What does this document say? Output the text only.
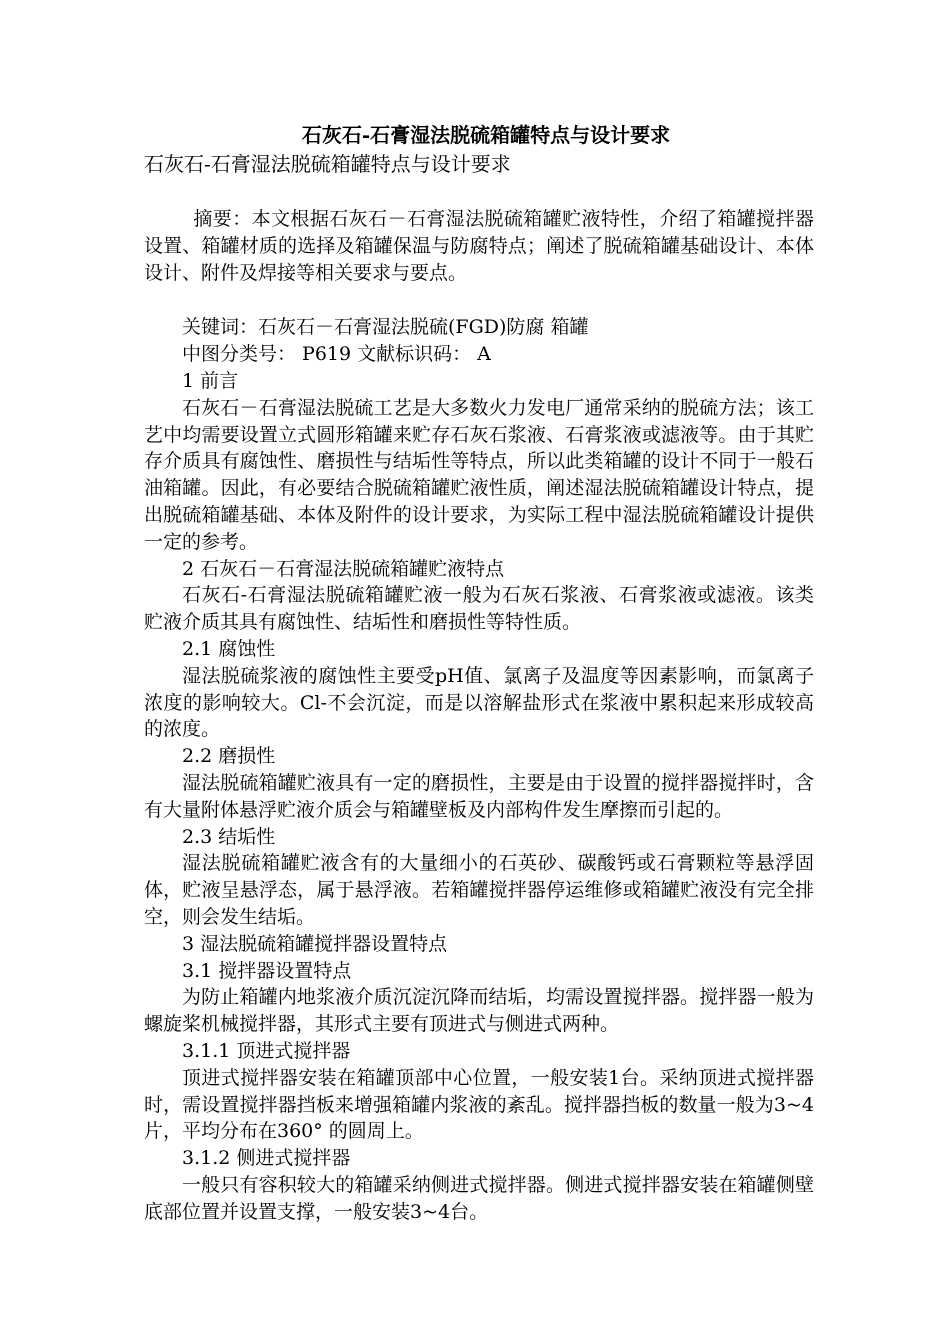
石灰石-石膏湿法脱硫箱罐特点与设计要求

石灰石-石膏湿法脱硫箱罐特点与设计要求

摘要：本文根据石灰石－石膏湿法脱硫箱罐贮液特性，介绍了箱罐搅拌器设置、箱罐材质的选择及箱罐保温与防腐特点；阐述了脱硫箱罐基础设计、本体设计、附件及焊接等相关要求与要点。

关键词：石灰石－石膏湿法脱硫(FGD)防腐 箱罐

中图分类号： P619 文献标识码： A

1 前言

石灰石－石膏湿法脱硫工艺是大多数火力发电厂通常采纳的脱硫方法；该工艺中均需要设置立式圆形箱罐来贮存石灰石浆液、石膏浆液或滤液等。由于其贮存介质具有腐蚀性、磨损性与结垢性等特点，所以此类箱罐的设计不同于一般石油箱罐。因此，有必要结合脱硫箱罐贮液性质，阐述湿法脱硫箱罐设计特点，提出脱硫箱罐基础、本体及附件的设计要求，为实际工程中湿法脱硫箱罐设计提供一定的参考。

2 石灰石－石膏湿法脱硫箱罐贮液特点

石灰石-石膏湿法脱硫箱罐贮液一般为石灰石浆液、石膏浆液或滤液。该类贮液介质其具有腐蚀性、结垢性和磨损性等特性质。

2.1 腐蚀性

湿法脱硫浆液的腐蚀性主要受pH值、氯离子及温度等因素影响，而氯离子浓度的影响较大。Cl-不会沉淀，而是以溶解盐形式在浆液中累积起来形成较高的浓度。

2.2 磨损性

湿法脱硫箱罐贮液具有一定的磨损性，主要是由于设置的搅拌器搅拌时，含有大量附体悬浮贮液介质会与箱罐壁板及内部构件发生摩擦而引起的。

2.3 结垢性

湿法脱硫箱罐贮液含有的大量细小的石英砂、碳酸钙或石膏颗粒等悬浮固体，贮液呈悬浮态，属于悬浮液。若箱罐搅拌器停运维修或箱罐贮液没有完全排空，则会发生结垢。

3 湿法脱硫箱罐搅拌器设置特点

3.1 搅拌器设置特点

为防止箱罐内地浆液介质沉淀沉降而结垢，均需设置搅拌器。搅拌器一般为螺旋桨机械搅拌器，其形式主要有顶进式与侧进式两种。

3.1.1 顶进式搅拌器

顶进式搅拌器安装在箱罐顶部中心位置，一般安装1台。采纳顶进式搅拌器时，需设置搅拌器挡板来增强箱罐内浆液的紊乱。搅拌器挡板的数量一般为3~4片，平均分布在360° 的圆周上。

3.1.2 侧进式搅拌器

一般只有容积较大的箱罐采纳侧进式搅拌器。侧进式搅拌器安装在箱罐侧壁底部位置并设置支撑，一般安装3~4台。
